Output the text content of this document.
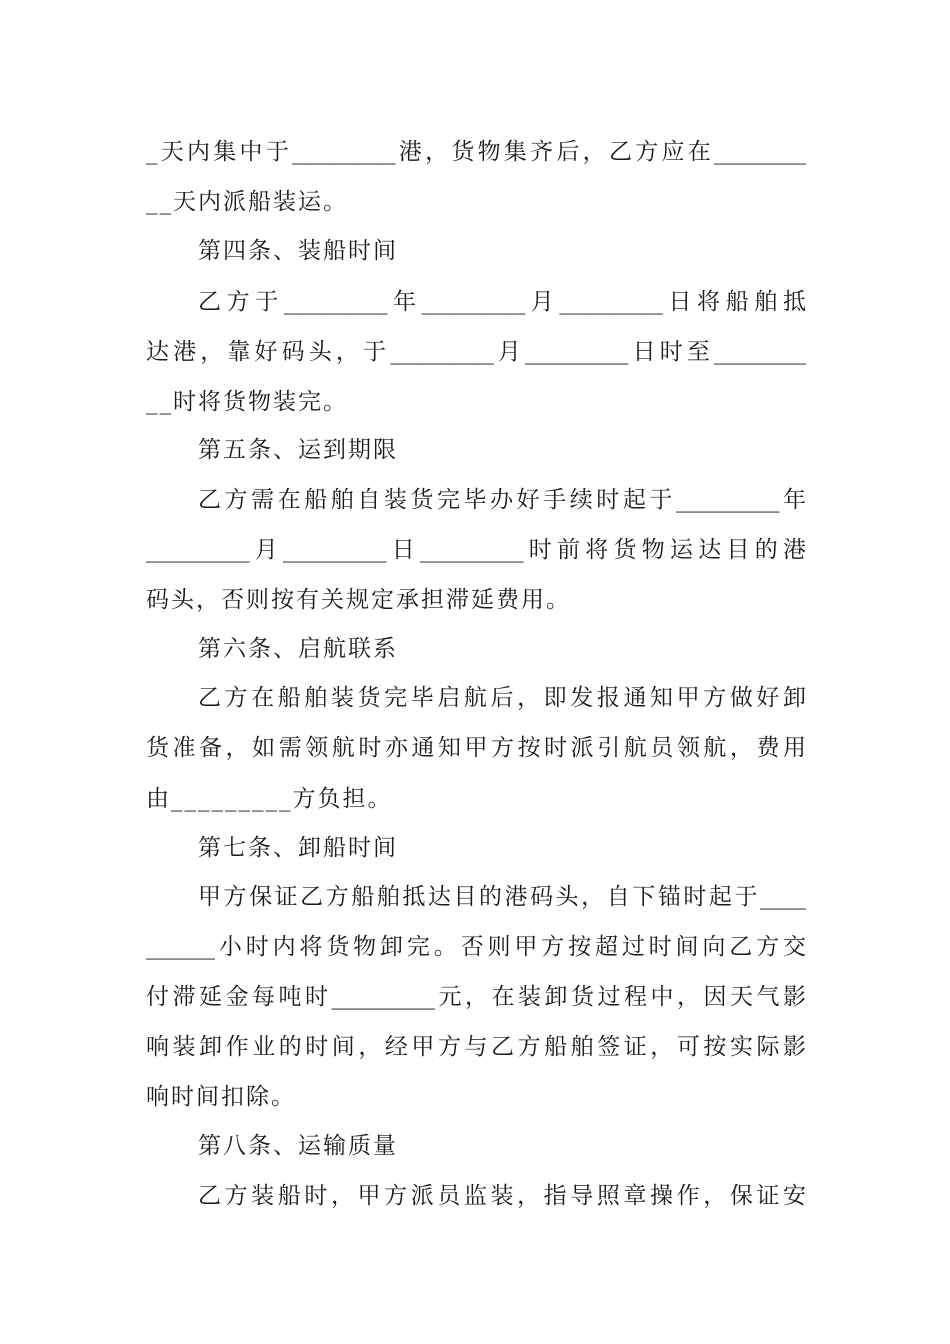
_天内集中于_________港，货物集齐后，乙方应在________
__天内派船装运。
第四条、装船时间
乙方于_________年_________月_________日将船舶抵
达港，靠好码头，于_________月_________日时至________
__时将货物装完。
第五条、运到期限
乙方需在船舶自装货完毕办好手续时起于_________年
_________月_________日_________时前将货物运达目的港
码头，否则按有关规定承担滞延费用。
第六条、启航联系
乙方在船舶装货完毕启航后，即发报通知甲方做好卸
货准备，如需领航时亦通知甲方按时派引航员领航，费用
由_________方负担。
第七条、卸船时间
甲方保证乙方船舶抵达目的港码头，自下锚时起于____
______小时内将货物卸完。否则甲方按超过时间向乙方交
付滞延金每吨时_________元，在装卸货过程中，因天气影
响装卸作业的时间，经甲方与乙方船舶签证，可按实际影
响时间扣除。
第八条、运输质量
乙方装船时，甲方派员监装，指导照章操作，保证安
